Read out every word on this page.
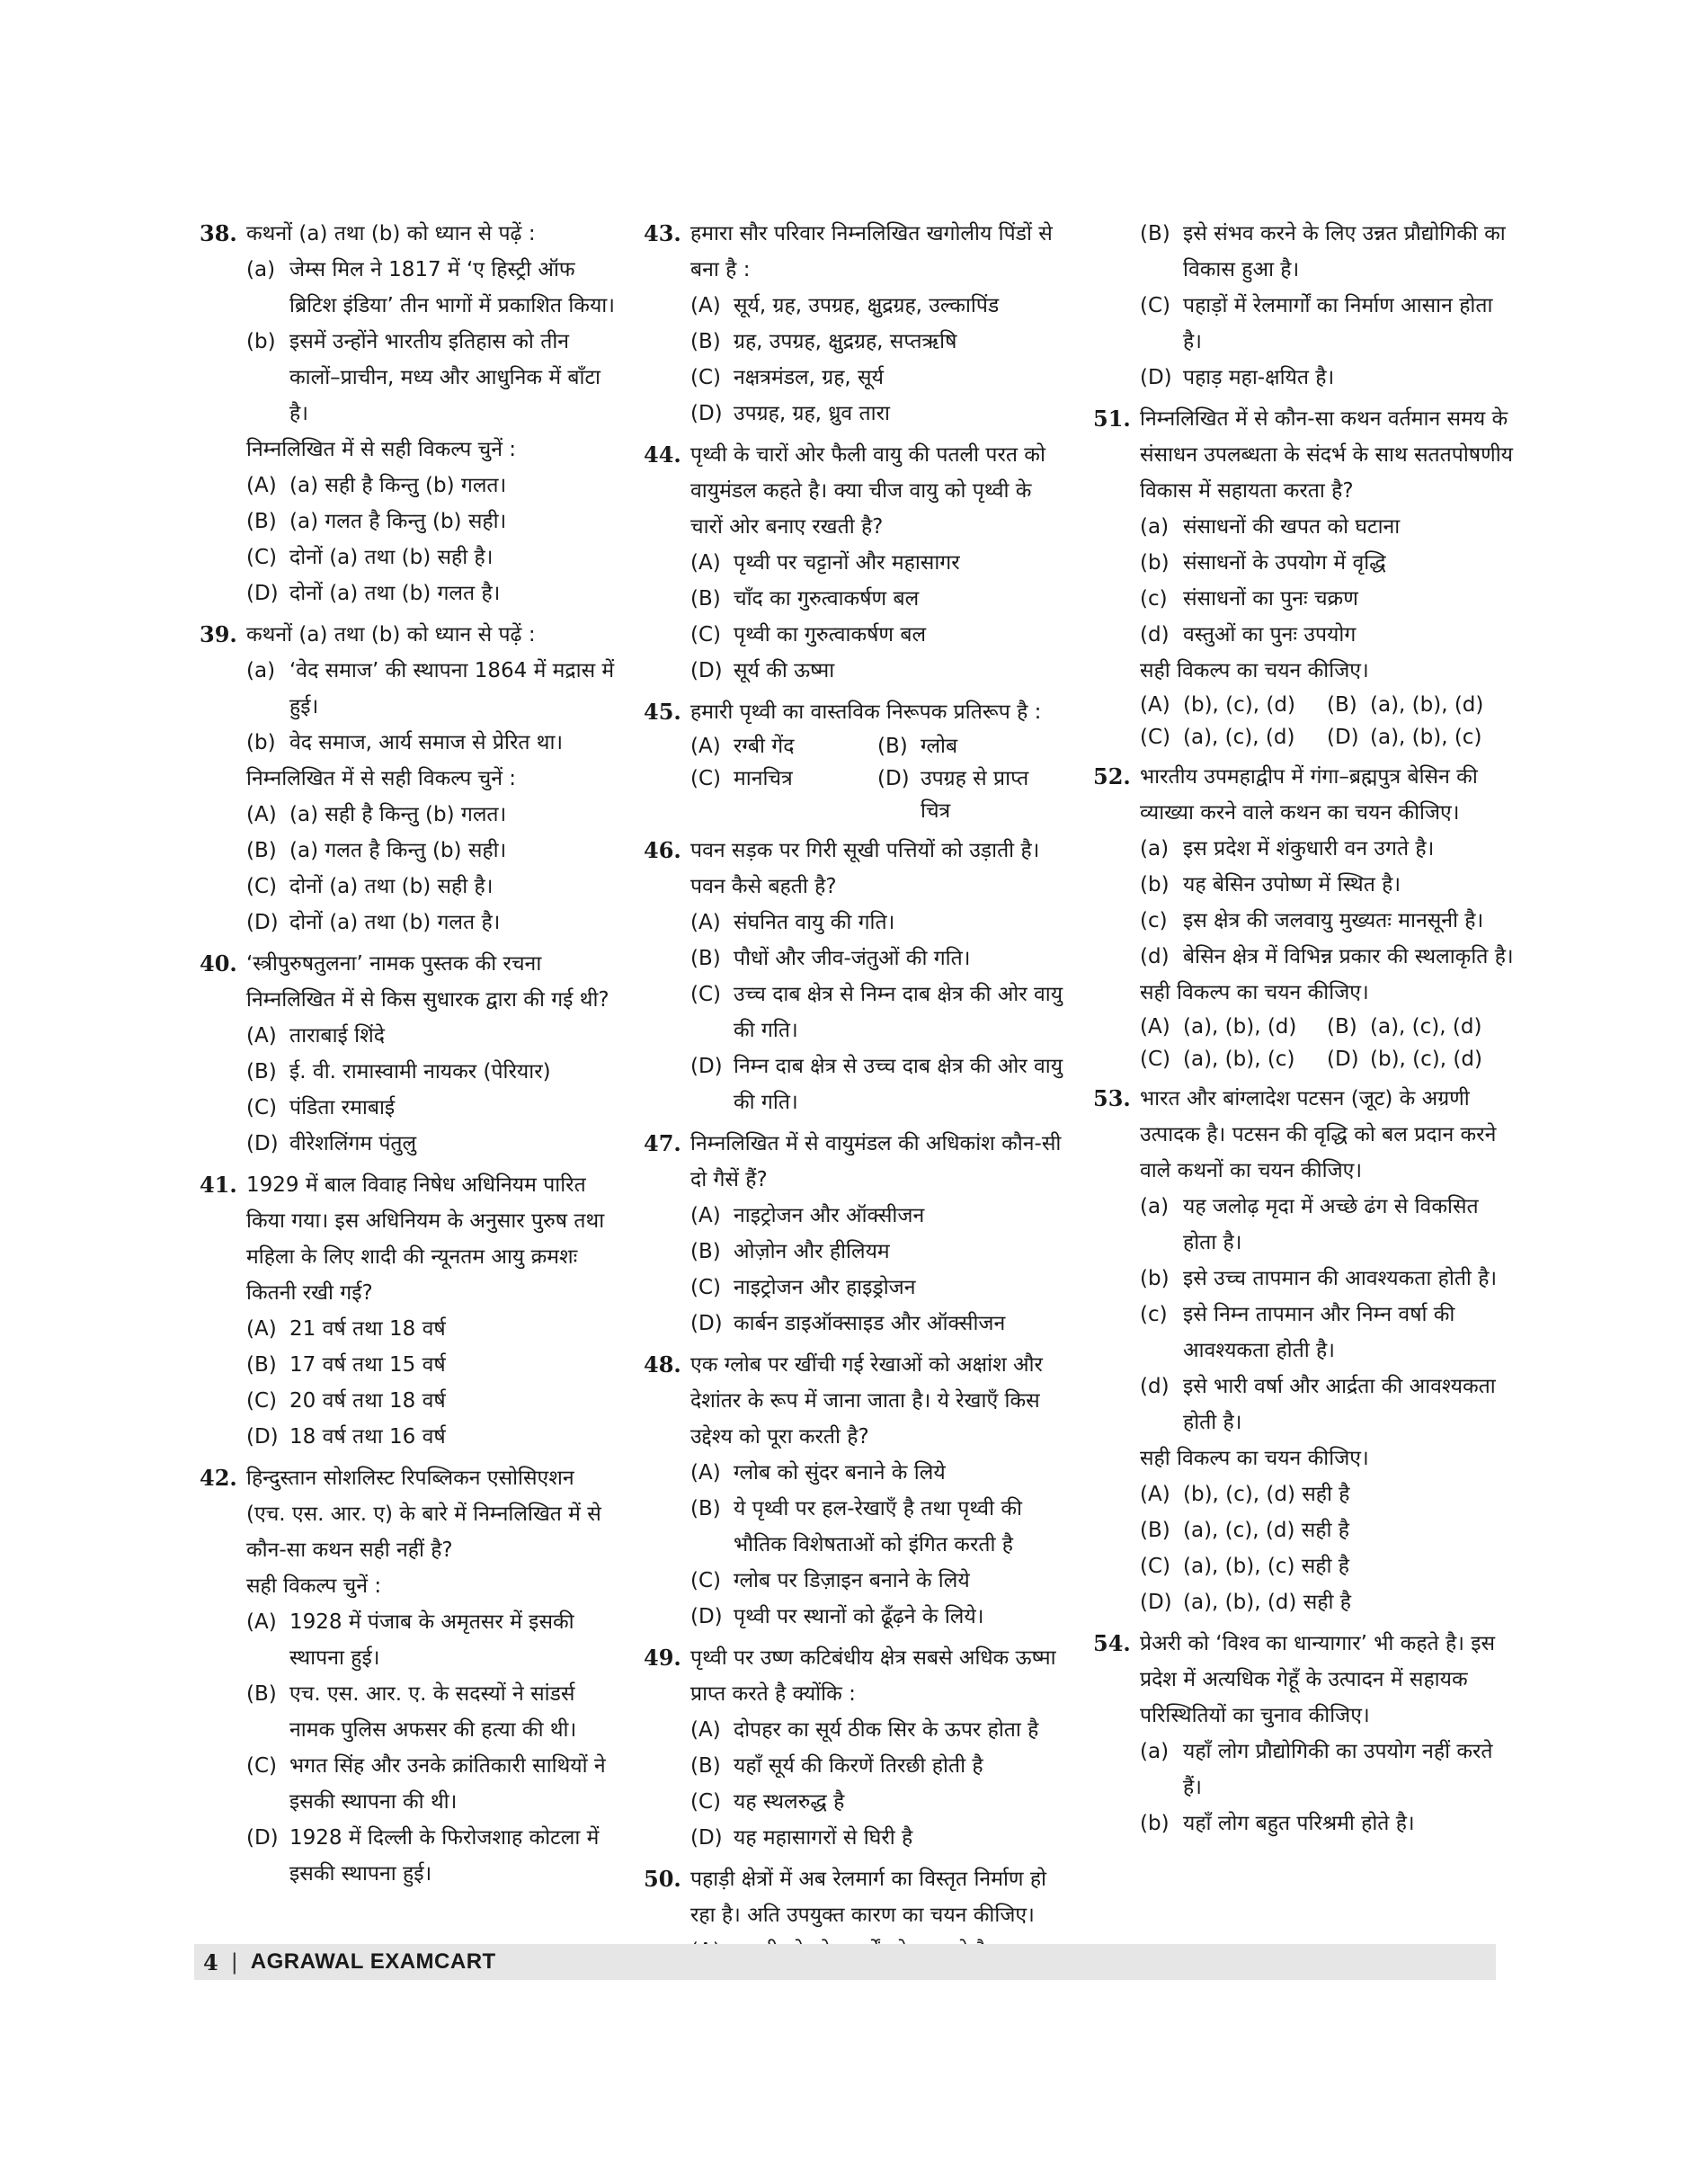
38. कथनों (a) तथा (b) को ध्यान से पढ़ें :
(a) जेम्स मिल ने 1817 में ‘ए हिस्ट्री ऑफ ब्रिटिश इंडिया’ तीन भागों में प्रकाशित किया।
(b) इसमें उन्होंने भारतीय इतिहास को तीन कालों–प्राचीन, मध्य और आधुनिक में बाँटा है।
निम्नलिखित में से सही विकल्प चुनें :
(A) (a) सही है किन्तु (b) गलत।
(B) (a) गलत है किन्तु (b) सही।
(C) दोनों (a) तथा (b) सही है।
(D) दोनों (a) तथा (b) गलत है।
39. कथनों (a) तथा (b) को ध्यान से पढ़ें :
(a) ‘वेद समाज’ की स्थापना 1864 में मद्रास में हुई।
(b) वेद समाज, आर्य समाज से प्रेरित था।
निम्नलिखित में से सही विकल्प चुनें :
(A) (a) सही है किन्तु (b) गलत।
(B) (a) गलत है किन्तु (b) सही।
(C) दोनों (a) तथा (b) सही है।
(D) दोनों (a) तथा (b) गलत है।
40. ‘स्त्रीपुरुषतुलना’ नामक पुस्तक की रचना निम्नलिखित में से किस सुधारक द्वारा की गई थी?
(A) ताराबाई शिंदे
(B) ई. वी. रामास्वामी नायकर (पेरियार)
(C) पंडिता रमाबाई
(D) वीरेशलिंगम पंतुलु
41. 1929 में बाल विवाह निषेध अधिनियम पारित किया गया। इस अधिनियम के अनुसार पुरुष तथा महिला के लिए शादी की न्यूनतम आयु क्रमशः कितनी रखी गई?
(A) 21 वर्ष तथा 18 वर्ष
(B) 17 वर्ष तथा 15 वर्ष
(C) 20 वर्ष तथा 18 वर्ष
(D) 18 वर्ष तथा 16 वर्ष
42. हिन्दुस्तान सोशलिस्ट रिपब्लिकन एसोसिएशन (एच. एस. आर. ए) के बारे में निम्नलिखित में से कौन-सा कथन सही नहीं है?
सही विकल्प चुनें :
(A) 1928 में पंजाब के अमृतसर में इसकी स्थापना हुई।
(B) एच. एस. आर. ए. के सदस्यों ने सांडर्स नामक पुलिस अफसर की हत्या की थी।
(C) भगत सिंह और उनके क्रांतिकारी साथियों ने इसकी स्थापना की थी।
(D) 1928 में दिल्ली के फिरोजशाह कोटला में इसकी स्थापना हुई।
43. हमारा सौर परिवार निम्नलिखित खगोलीय पिंडों से बना है :
(A) सूर्य, ग्रह, उपग्रह, क्षुद्रग्रह, उल्कापिंड
(B) ग्रह, उपग्रह, क्षुद्रग्रह, सप्तऋषि
(C) नक्षत्रमंडल, ग्रह, सूर्य
(D) उपग्रह, ग्रह, ध्रुव तारा
44. पृथ्वी के चारों ओर फैली वायु की पतली परत को वायुमंडल कहते है। क्या चीज वायु को पृथ्वी के चारों ओर बनाए रखती है?
(A) पृथ्वी पर चट्टानों और महासागर
(B) चाँद का गुरुत्वाकर्षण बल
(C) पृथ्वी का गुरुत्वाकर्षण बल
(D) सूर्य की ऊष्मा
45. हमारी पृथ्वी का वास्तविक निरूपक प्रतिरूप है :
(A) रग्बी गेंद	(B) ग्लोब
(C) मानचित्र	(D) उपग्रह से प्राप्त चित्र
46. पवन सड़क पर गिरी सूखी पत्तियों को उड़ाती है। पवन कैसे बहती है?
(A) संघनित वायु की गति।
(B) पौधों और जीव-जंतुओं की गति।
(C) उच्च दाब क्षेत्र से निम्न दाब क्षेत्र की ओर वायु की गति।
(D) निम्न दाब क्षेत्र से उच्च दाब क्षेत्र की ओर वायु की गति।
47. निम्नलिखित में से वायुमंडल की अधिकांश कौन-सी दो गैसें हैं?
(A) नाइट्रोजन और ऑक्सीजन
(B) ओज़ोन और हीलियम
(C) नाइट्रोजन और हाइड्रोजन
(D) कार्बन डाइऑक्साइड और ऑक्सीजन
48. एक ग्लोब पर खींची गई रेखाओं को अक्षांश और देशांतर के रूप में जाना जाता है। ये रेखाएँ किस उद्देश्य को पूरा करती है?
(A) ग्लोब को सुंदर बनाने के लिये
(B) ये पृथ्वी पर हल-रेखाएँ है तथा पृथ्वी की भौतिक विशेषताओं को इंगित करती है
(C) ग्लोब पर डिज़ाइन बनाने के लिये
(D) पृथ्वी पर स्थानों को ढूँढ़ने के लिये।
49. पृथ्वी पर उष्ण कटिबंधीय क्षेत्र सबसे अधिक ऊष्मा प्राप्त करते है क्योंकि :
(A) दोपहर का सूर्य ठीक सिर के ऊपर होता है
(B) यहाँ सूर्य की किरणें तिरछी होती है
(C) यह स्थलरुद्ध है
(D) यह महासागरों से घिरी है
50. पहाड़ी क्षेत्रों में अब रेलमार्ग का विस्तृत निर्माण हो रहा है। अति उपयुक्त कारण का चयन कीजिए।
(B) इसे संभव करने के लिए उन्नत प्रौद्योगिकी का विकास हुआ है।
(C) पहाड़ों में रेलमार्गों का निर्माण आसान होता है।
(D) पहाड़ महा-क्षयित है।
51. निम्नलिखित में से कौन-सा कथन वर्तमान समय के संसाधन उपलब्धता के संदर्भ के साथ सततपोषणीय विकास में सहायता करता है?
(a) संसाधनों की खपत को घटाना
(b) संसाधनों के उपयोग में वृद्धि
(c) संसाधनों का पुनः चक्रण
(d) वस्तुओं का पुनः उपयोग
सही विकल्प का चयन कीजिए।
(A) (b), (c), (d)	(B) (a), (b), (d)
(C) (a), (c), (d)	(D) (a), (b), (c)
52. भारतीय उपमहाद्वीप में गंगा–ब्रह्मपुत्र बेसिन की व्याख्या करने वाले कथन का चयन कीजिए।
(a) इस प्रदेश में शंकुधारी वन उगते है।
(b) यह बेसिन उपोष्ण में स्थित है।
(c) इस क्षेत्र की जलवायु मुख्यतः मानसूनी है।
(d) बेसिन क्षेत्र में विभिन्न प्रकार की स्थलाकृति है।
सही विकल्प का चयन कीजिए।
(A) (a), (b), (d)	(B) (a), (c), (d)
(C) (a), (b), (c)	(D) (b), (c), (d)
53. भारत और बांग्लादेश पटसन (जूट) के अग्रणी उत्पादक है। पटसन की वृद्धि को बल प्रदान करने वाले कथनों का चयन कीजिए।
(a) यह जलोढ़ मृदा में अच्छे ढंग से विकसित होता है।
(b) इसे उच्च तापमान की आवश्यकता होती है।
(c) इसे निम्न तापमान और निम्न वर्षा की आवश्यकता होती है।
(d) इसे भारी वर्षा और आर्द्रता की आवश्यकता होती है।
सही विकल्प का चयन कीजिए।
(A) (b), (c), (d) सही है
(B) (a), (c), (d) सही है
(C) (a), (b), (c) सही है
(D) (a), (b), (d) सही है
54. प्रेअरी को ‘विश्व का धान्यागार’ भी कहते है। इस प्रदेश में अत्यधिक गेहूँ के उत्पादन में सहायक परिस्थितियों का चुनाव कीजिए।
(a) यहाँ लोग प्रौद्योगिकी का उपयोग नहीं करते हैं।
(b) यहाँ लोग बहुत परिश्रमी होते है।
4 | AGRAWAL EXAMCART
